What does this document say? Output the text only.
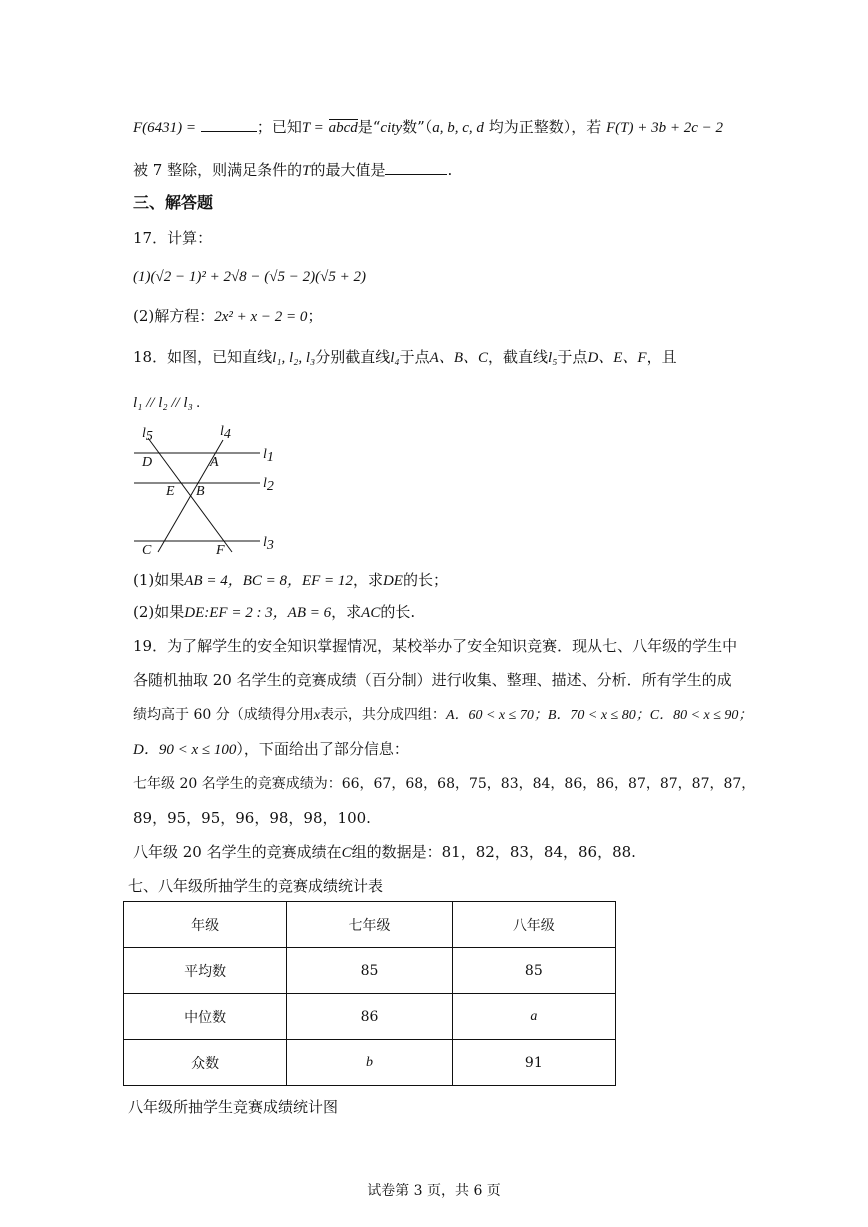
F(6431) =	；已知T = abcd是“city数”（a, b, c, d 均为正整数），若 F(T) + 3b + 2c − 2
被 7 整除，则满足条件的T的最大值是	.
三、解答题
17．计算：
(1)(√2 − 1)² + 2√8 − (√5 − 2)(√5 + 2)
(2)解方程：2x² + x − 2 = 0；
18．如图，已知直线l₁, l₂, l₃分别截直线l₄于点A、B、C，截直线l₅于点D、E、F，且
l₁ // l₂ // l₃ .
l5	l4
l1
l2
l3
D	A
E B
C	F
(1)如果AB = 4，BC = 8，EF = 12，求DE的长；
(2)如果DE:EF = 2 : 3，AB = 6，求AC的长.
19．为了解学生的安全知识掌握情况，某校举办了安全知识竞赛．现从七、八年级的学生中
各随机抽取 20 名学生的竞赛成绩（百分制）进行收集、整理、描述、分析．所有学生的成
绩均高于 60 分（成绩得分用x表示，共分成四组：A．60 < x ≤ 70；B．70 < x ≤ 80；C．80 < x ≤ 90；
D．90 < x ≤ 100），下面给出了部分信息：
七年级 20 名学生的竞赛成绩为：66，67，68，68，75，83，84，86，86，87，87，87，87，
89，95，95，96，98，98，100.
八年级 20 名学生的竞赛成绩在C组的数据是：81，82，83，84，86，88.
七、八年级所抽学生的竞赛成绩统计表
年级	七年级	八年级
平均数	85	85
中位数	86	a
众数	b	91
八年级所抽学生竞赛成绩统计图
试卷第 3 页，共 6 页
